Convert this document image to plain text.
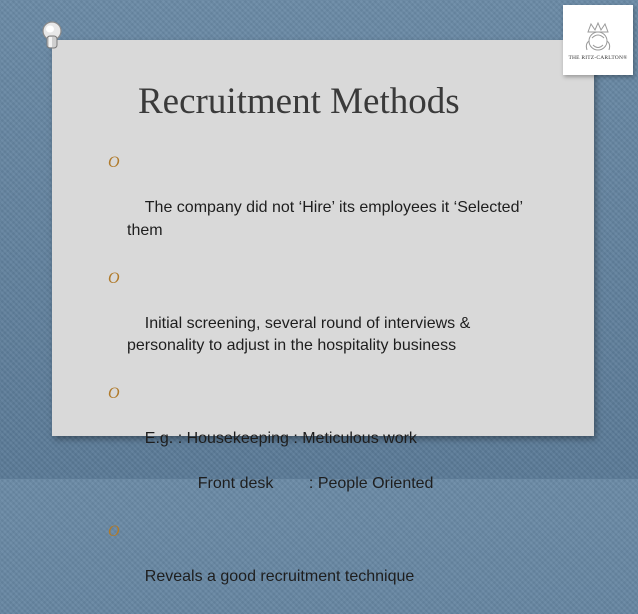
THE RITZ-CARLTON®
Recruitment Methods

O

The company did not ‘Hire’ its employees it ‘Selected’ them

O

Initial screening, several round of interviews & personality to adjust in the hospitality business

O

E.g. : Housekeeping : Meticulous work

Front desk        : People Oriented

O

Reveals a good recruitment technique
